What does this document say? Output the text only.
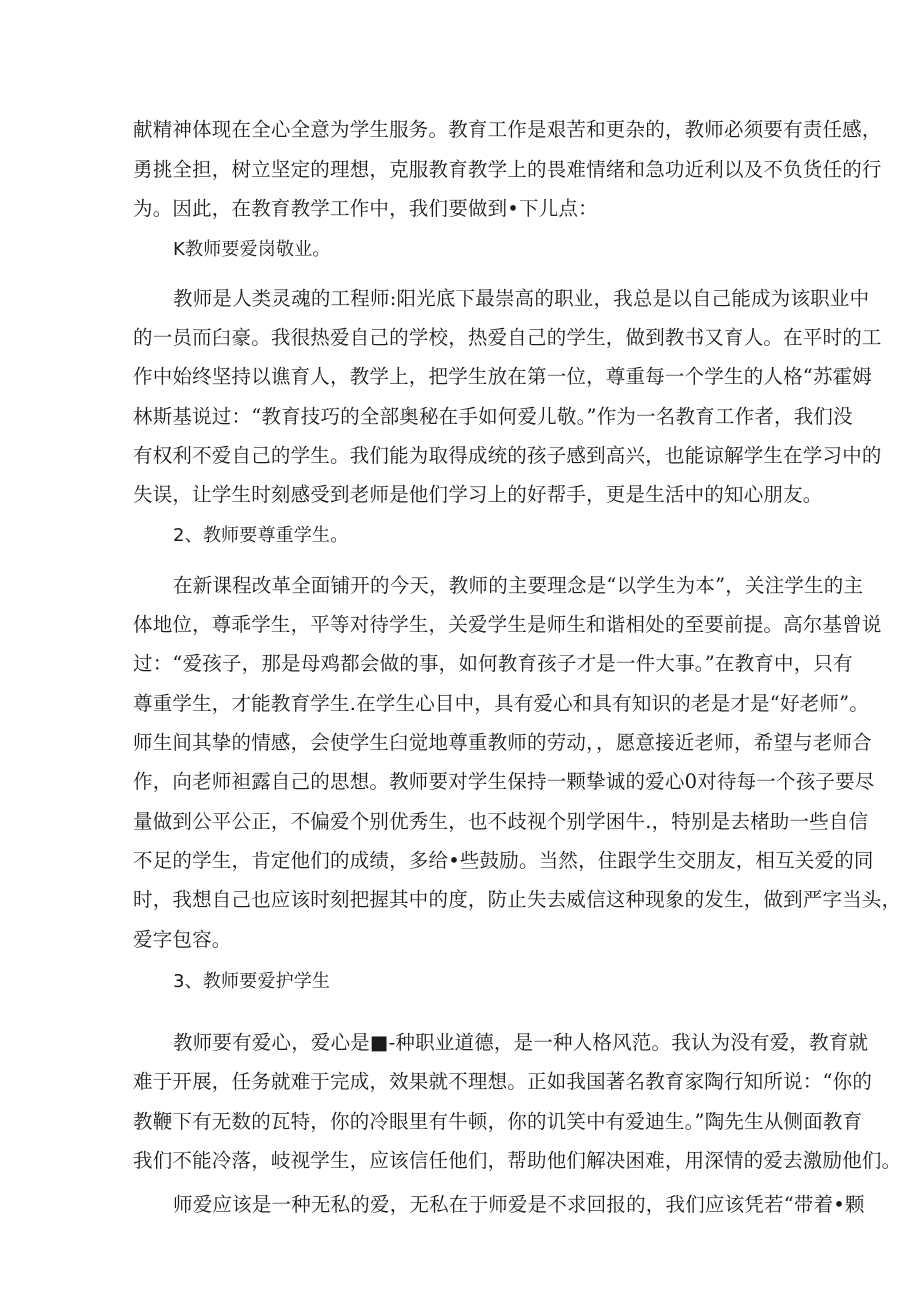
献精神体现在全心全意为学生服务。教育工作是艰苦和更杂的，教师必须要有责任感，
勇挑全担，树立坚定的理想，克服教育教学上的畏难情绪和急功近利以及不负货任的行
为。因此，在教育教学工作中，我们要做到•下儿点：
K教师要爱岗敬业。
教师是人类灵魂的工程师:阳光底下最崇高的职业，我总是以自己能成为该职业中
的一员而臼豪。我很热爱自己的学校，热爱自己的学生，做到教书又育人。在平时的工
作中始终坚持以谯育人，教学上，把学生放在第一位，尊重每一个学生的人格“苏霍姆
林斯基说过：“教育技巧的全部奥秘在手如何爱儿敬。”作为一名教育工作者，我们没
有权利不爱自己的学生。我们能为取得成统的孩子感到高兴，也能谅解学生在学习中的
失误，让学生时刻感受到老师是他们学习上的好帮手，更是生活中的知心朋友。
2、教师要尊重学生。
在新课程改革全面铺开的今天，教师的主要理念是“以学生为本”，关注学生的主
体地位，尊乖学生，平等对待学生，关爱学生是师生和谐相处的至要前提。高尔基曾说
过：“爱孩子，那是母鸡都会做的事，如何教育孩子才是一件大事。”在教育中，只有
尊重学生，才能教育学生.在学生心目中，具有爱心和具有知识的老是才是“好老师”。
师生间其挚的情感，会使学生臼觉地尊重教师的劳动，，愿意接近老师，希望与老师合
作，向老师袒露自己的思想。教师要对学生保持一颗挚诚的爱心0对待每一个孩子要尽
量做到公平公正，不偏爱个别优秀生，也不歧视个别学困牛.，特别是去楮助一些自信
不足的学生，肯定他们的成绩，多给•些鼓励。当然，住跟学生交朋友，相互关爱的同
时，我想自己也应该时刻把握其中的度，防止失去威信这种现象的发生，做到严字当头，
爱字包容。
3、教师要爱护学生
教师要有爱心，爱心是■-种职业道德，是一种人格风范。我认为没有爱，教育就
难于开展，任务就难于完成，效果就不理想。正如我国著名教育家陶行知所说：“你的
教鞭下有无数的瓦特，你的冷眼里有牛顿，你的讥笑中有爱迪生。”陶先生从侧面教育
我们不能冷落，岐视学生，应该信任他们，帮助他们解决困难，用深情的爱去激励他们。
师爱应该是一种无私的爱，无私在于师爱是不求回报的，我们应该凭若“带着•颗
